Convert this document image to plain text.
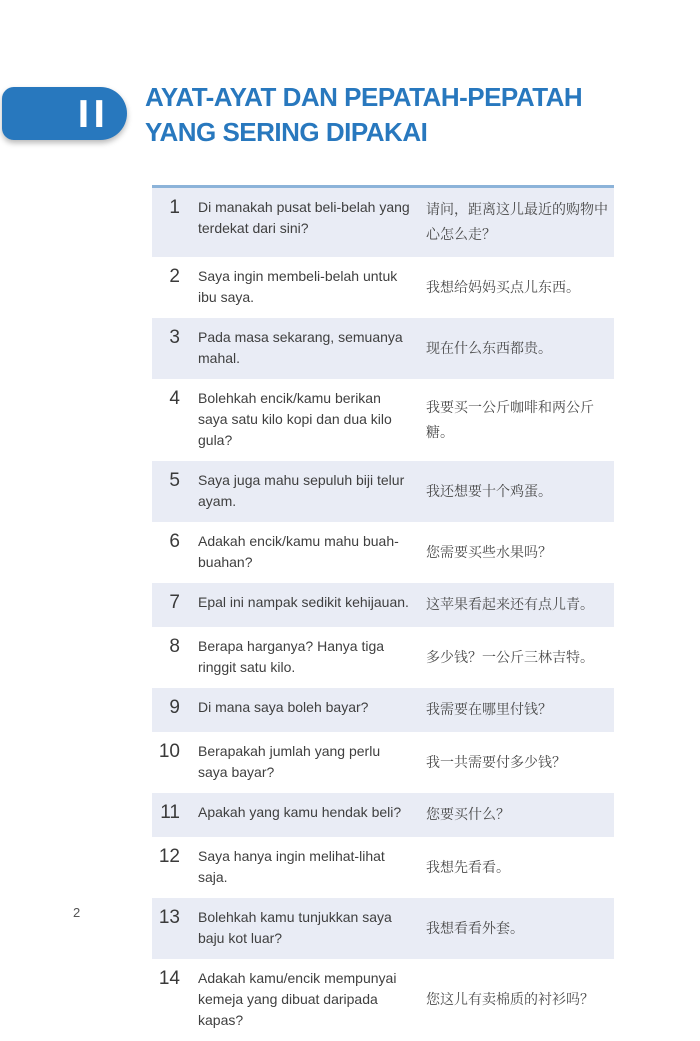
II AYAT-AYAT DAN PEPATAH-PEPATAH
YANG SERING DIPAKAI
1 Di manakah pusat beli-belah yang terdekat dari sini?
请问，距离这儿最近的购物中心怎么走？
2 Saya ingin membeli-belah untuk ibu saya.
我想给妈妈买点儿东西。
3 Pada masa sekarang, semuanya mahal.
现在什么东西都贵。
4 Bolehkah encik/kamu berikan saya satu kilo kopi dan dua kilo gula?
我要买一公斤咖啡和两公斤糖。
5 Saya juga mahu sepuluh biji telur ayam.
我还想要十个鸡蛋。
6 Adakah encik/kamu mahu buah-buahan?
您需要买些水果吗？
7 Epal ini nampak sedikit kehijauan. 这苹果看起来还有点儿青。
8 Berapa harganya? Hanya tiga ringgit satu kilo.
多少钱？一公斤三林吉特。
9 Di mana saya boleh bayar?	我需要在哪里付钱？
10 Berapakah jumlah yang perlu saya bayar?
我一共需要付多少钱？
11 Apakah yang kamu hendak beli?	您要买什么？
12 Saya hanya ingin melihat-lihat saja.
我想先看看。
13 Bolehkah kamu tunjukkan saya baju kot luar?
我想看看外套。
14 Adakah kamu/encik mempunyai kemeja yang dibuat daripada kapas?
您这儿有卖棉质的衬衫吗？
2
